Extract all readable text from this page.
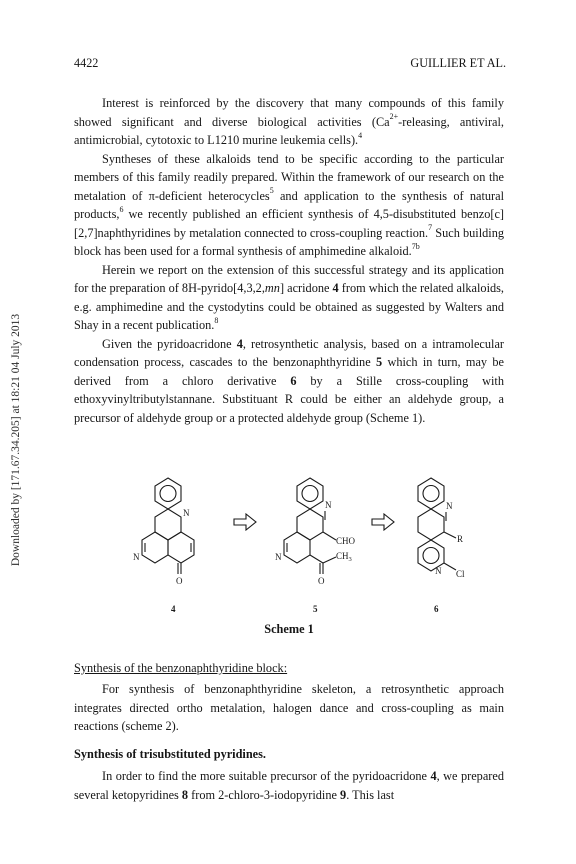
Downloaded by [171.67.34.205] at 18:21 04 July 2013
4422	GUILLIER ET AL.

Interest is reinforced by the discovery that many compounds of this family showed significant and diverse biological activities ($Ca^{2+}$-releasing, antiviral, antimicrobial, cytotoxic to L1210 murine leukemia cells).$^4$

Syntheses of these alkaloids tend to be specific according to the particular members of this family readily prepared. Within the framework of our research on the metalation of π-deficient heterocycles$^5$ and application to the synthesis of natural products,$^6$ we recently published an efficient synthesis of 4,5-disubstituted benzo[c][2,7]naphthyridines by metalation connected to cross-coupling reaction.$^7$ Such building block has been used for a formal synthesis of amphimedine alkaloid.$^{7b}$

Herein we report on the extension of this successful strategy and its application for the preparation of 8H-pyrido[4,3,2,mn] acridone 4 from which the related alkaloids, e.g. amphimedine and the cystodytins could be obtained as suggested by Walters and Shay in a recent publication.$^8$

Given the pyridoacridone 4, retrosynthetic analysis, based on a intramolecular condensation process, cascades to the benzonaphthyridine 5 which in turn, may be derived from a chloro derivative 6 by a Stille cross-coupling with ethoxyvinyltributylstannane. Substituant R could be either an aldehyde group, a precursor of aldehyde group or a protected aldehyde group (Scheme 1).

N
N
O
4
N
N
CHO
$CH_3$
O
5
N
R
N Cl
6
Scheme 1
Synthesis of the benzonaphthyridine block:

For synthesis of benzonaphthyridine skeleton, a retrosynthetic approach integrates directed ortho metalation, halogen dance and cross-coupling as main reactions (scheme 2).

Synthesis of trisubstituted pyridines.

In order to find the more suitable precursor of the pyridoacridone 4, we prepared several ketopyridines 8 from 2-chloro-3-iodopyridine 9. This last
